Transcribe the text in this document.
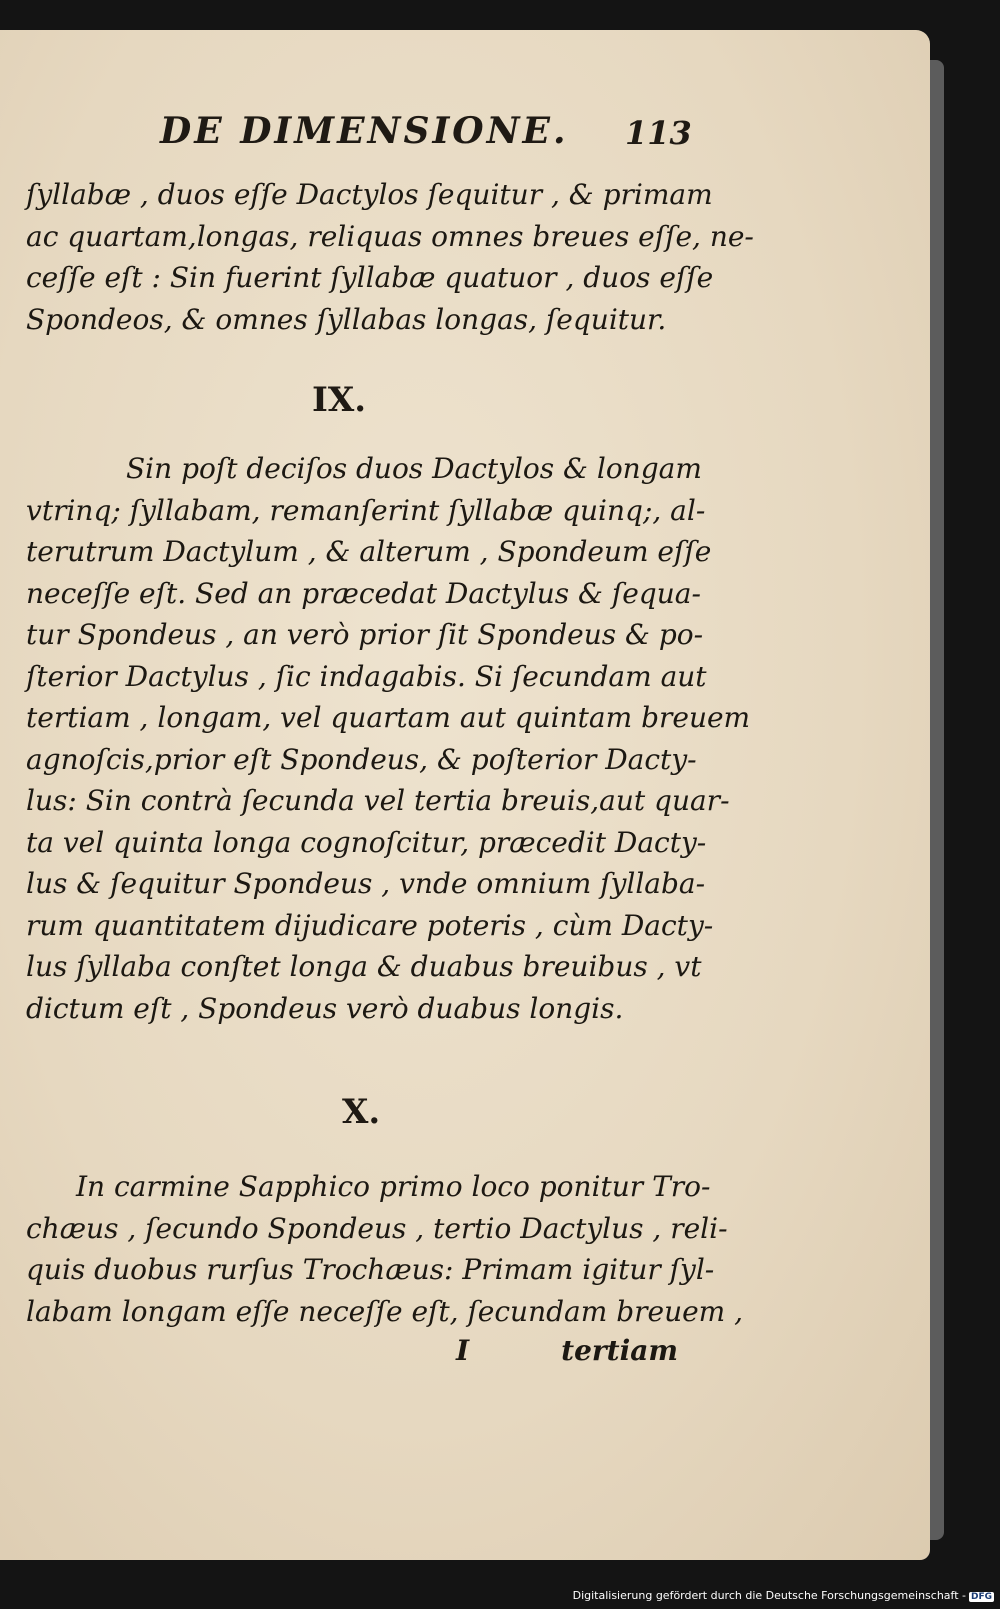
DE DIMENSIONE. 113
ſyllabæ , duos eſſe Dactylos ſequitur , & primam
ac quartam,longas, reliquas omnes breues eſſe, ne-
ceſſe eſt : Sin fuerint ſyllabæ quatuor , duos eſſe
Spondeos, & omnes ſyllabas longas, ſequitur.
IX.
Sin poſt deciſos duos Dactylos & longam
vtrinq; ſyllabam, remanſerint ſyllabæ quinq;, al-
terutrum Dactylum , & alterum , Spondeum eſſe
neceſſe eſt. Sed an præcedat Dactylus & ſequa-
tur Spondeus , an verò prior ſit Spondeus & po-
ſterior Dactylus , ſic indagabis. Si ſecundam aut
tertiam , longam, vel quartam aut quintam breuem
agnoſcis,prior eſt Spondeus, & poſterior Dacty-
lus: Sin contrà ſecunda vel tertia breuis,aut quar-
ta vel quinta longa cognoſcitur, præcedit Dacty-
lus & ſequitur Spondeus , vnde omnium ſyllaba-
rum quantitatem dijudicare poteris , cùm Dacty-
lus ſyllaba conſtet longa & duabus breuibus , vt
dictum eſt , Spondeus verò duabus longis.
X.
In carmine Sapphico primo loco ponitur Tro-
chæus , ſecundo Spondeus , tertio Dactylus , reli-
quis duobus rurſus Trochæus: Primam igitur ſyl-
labam longam eſſe neceſſe eſt, ſecundam breuem ,
I	tertiam
Digitalisierung gefördert durch die Deutsche Forschungsgemeinschaft - DFG
